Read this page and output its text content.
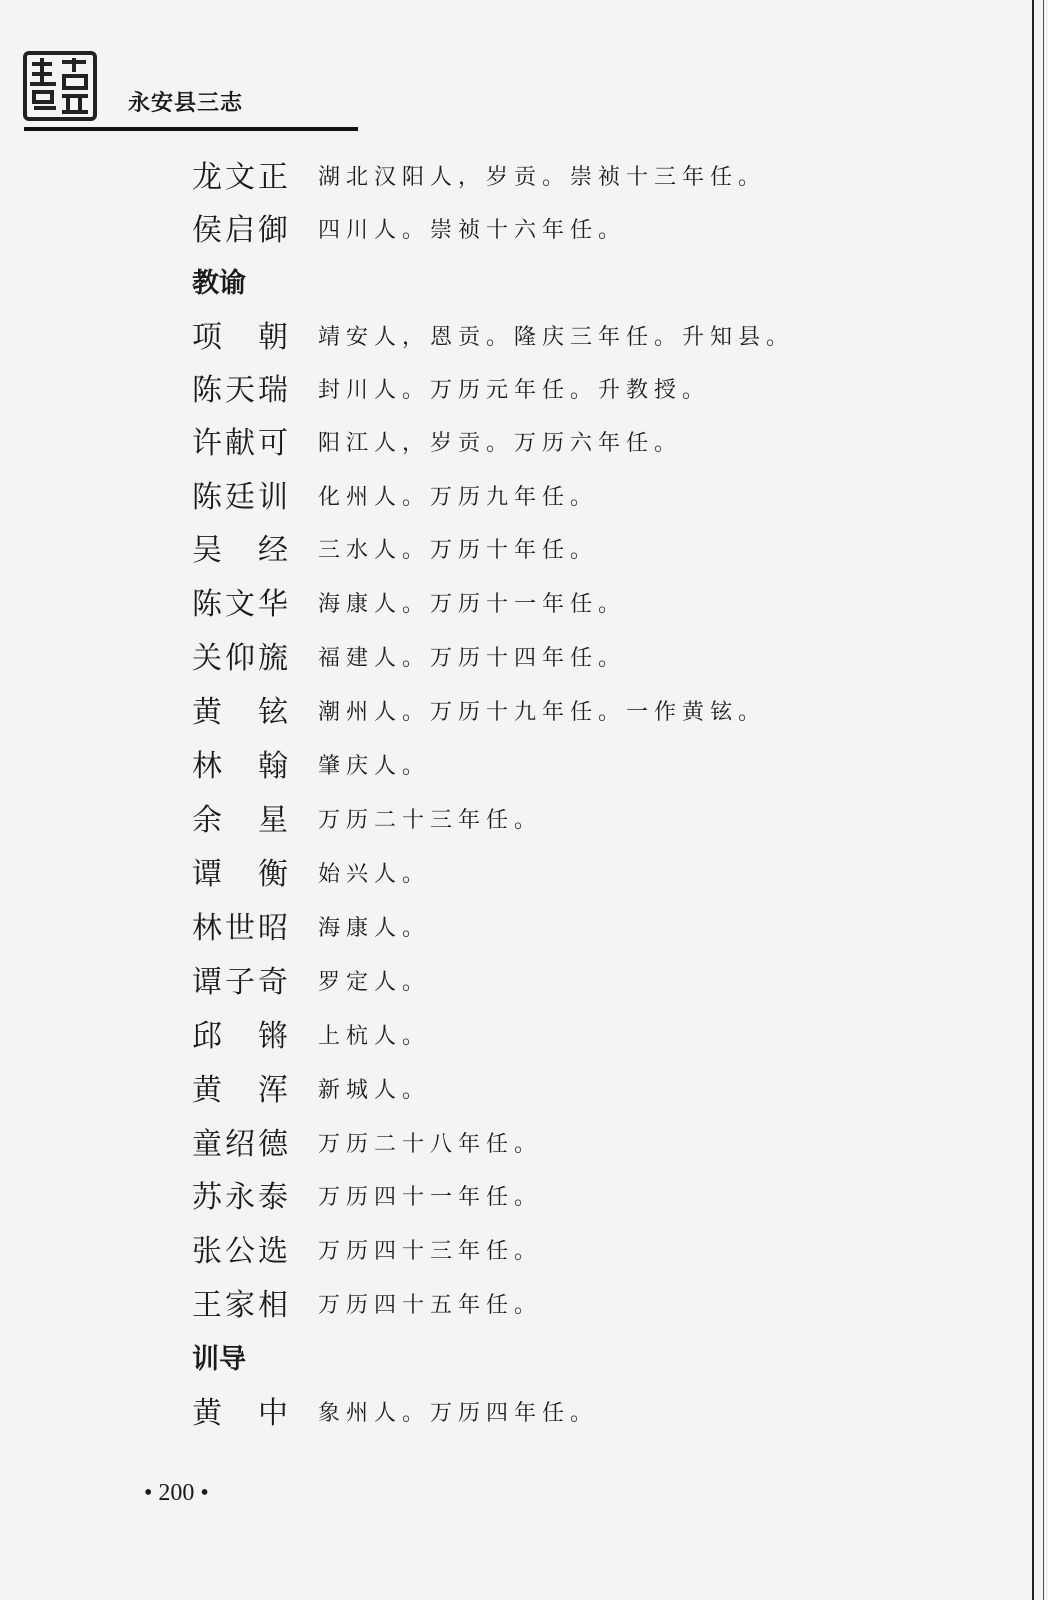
永安县三志
龙文正 湖北汉阳人，岁贡。崇祯十三年任。
侯启御 四川人。崇祯十六年任。
教谕
项　朝 靖安人，恩贡。隆庆三年任。升知县。
陈天瑞 封川人。万历元年任。升教授。
许献可 阳江人，岁贡。万历六年任。
陈廷训 化州人。万历九年任。
吴　经 三水人。万历十年任。
陈文华 海康人。万历十一年任。
关仰旒 福建人。万历十四年任。
黄　铉 潮州人。万历十九年任。一作黄铉。
林　翰 肇庆人。
余　星 万历二十三年任。
谭　衡 始兴人。
林世昭 海康人。
谭子奇 罗定人。
邱　锵 上杭人。
黄　浑 新城人。
童绍德 万历二十八年任。
苏永泰 万历四十一年任。
张公选 万历四十三年任。
王家相 万历四十五年任。
训导
黄　中 象州人。万历四年任。
• 200 •
